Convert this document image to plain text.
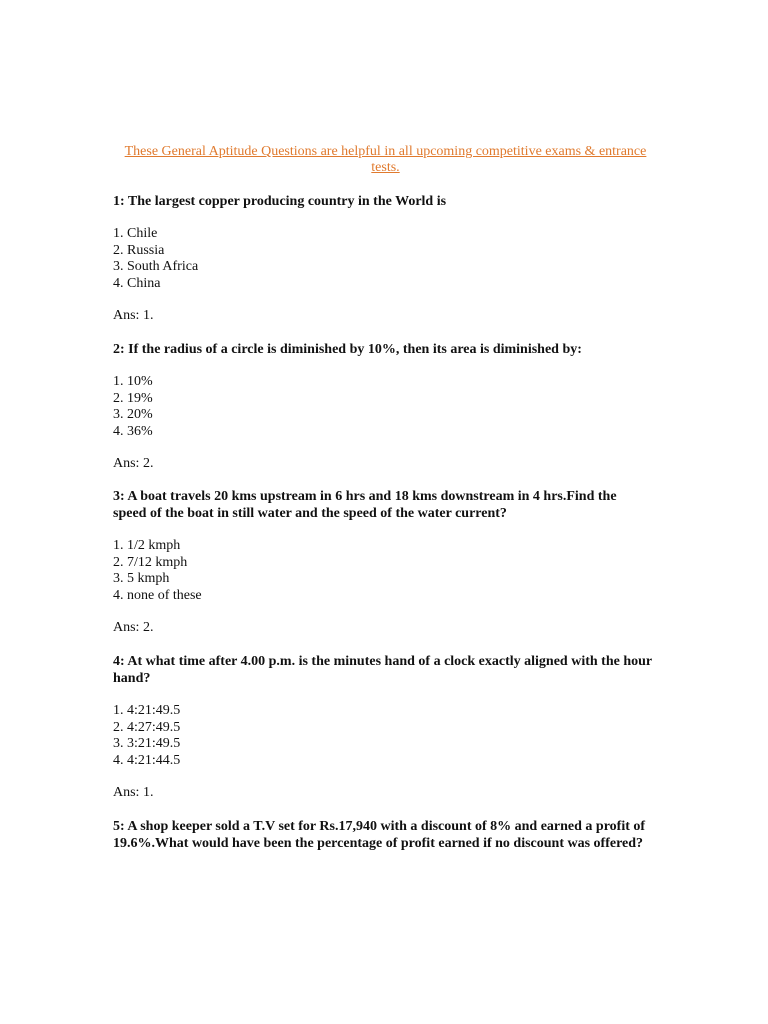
These General Aptitude Questions are helpful in all upcoming competitive exams & entrance tests.

1: The largest copper producing country in the World is

1. Chile
2. Russia
3. South Africa
4. China

Ans: 1.

2: If the radius of a circle is diminished by 10%, then its area is diminished by:

1. 10%
2. 19%
3. 20%
4. 36%

Ans: 2.

3: A boat travels 20 kms upstream in 6 hrs and 18 kms downstream in 4 hrs.Find the speed of the boat in still water and the speed of the water current?

1. 1/2 kmph
2. 7/12 kmph
3. 5 kmph
4. none of these

Ans: 2.

4: At what time after 4.00 p.m. is the minutes hand of a clock exactly aligned with the hour hand?

1. 4:21:49.5
2. 4:27:49.5
3. 3:21:49.5
4. 4:21:44.5

Ans: 1.

5: A shop keeper sold a T.V set for Rs.17,940 with a discount of 8% and earned a profit of 19.6%.What would have been the percentage of profit earned if no discount was offered?
